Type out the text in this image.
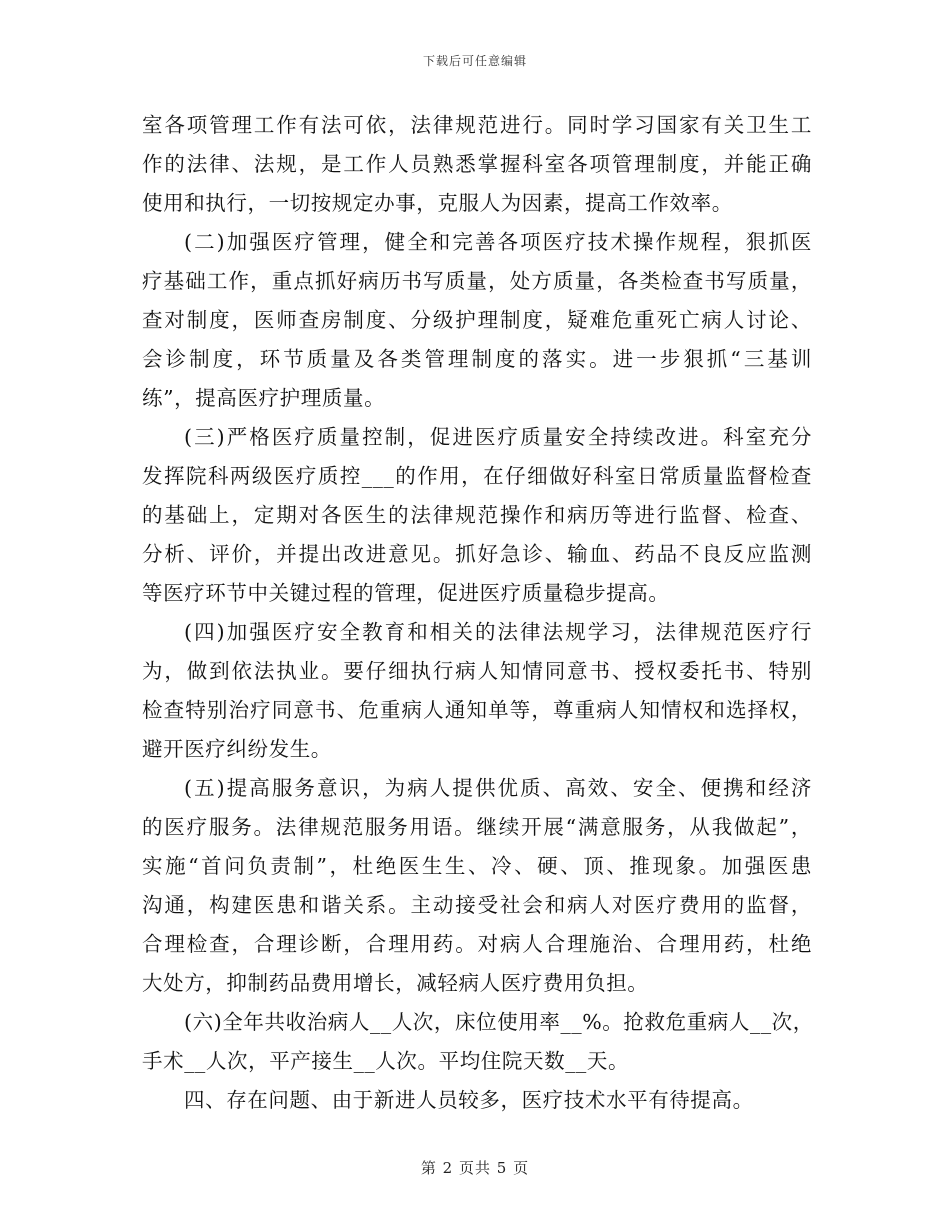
下载后可任意编辑

室各项管理工作有法可依，法律规范进行。同时学习国家有关卫生工

作的法律、法规，是工作人员熟悉掌握科室各项管理制度，并能正确

使用和执行，一切按规定办事，克服人为因素，提高工作效率。

(二)加强医疗管理，健全和完善各项医疗技术操作规程，狠抓医

疗基础工作，重点抓好病历书写质量，处方质量，各类检查书写质量，

查对制度，医师查房制度、分级护理制度，疑难危重死亡病人讨论、

会诊制度，环节质量及各类管理制度的落实。进一步狠抓“三基训

练”，提高医疗护理质量。

(三)严格医疗质量控制，促进医疗质量安全持续改进。科室充分

发挥院科两级医疗质控___的作用，在仔细做好科室日常质量监督检查

的基础上，定期对各医生的法律规范操作和病历等进行监督、检查、

分析、评价，并提出改进意见。抓好急诊、输血、药品不良反应监测

等医疗环节中关键过程的管理，促进医疗质量稳步提高。

(四)加强医疗安全教育和相关的法律法规学习，法律规范医疗行

为，做到依法执业。要仔细执行病人知情同意书、授权委托书、特别

检查特别治疗同意书、危重病人通知单等，尊重病人知情权和选择权，

避开医疗纠纷发生。

(五)提高服务意识，为病人提供优质、高效、安全、便携和经济

的医疗服务。法律规范服务用语。继续开展“满意服务，从我做起”，

实施“首问负责制”，杜绝医生生、冷、硬、顶、推现象。加强医患

沟通，构建医患和谐关系。主动接受社会和病人对医疗费用的监督，

合理检查，合理诊断，合理用药。对病人合理施治、合理用药，杜绝

大处方，抑制药品费用增长，减轻病人医疗费用负担。

(六)全年共收治病人__人次，床位使用率__%。抢救危重病人__次，

手术__人次，平产接生__人次。平均住院天数__天。

四、存在问题、由于新进人员较多，医疗技术水平有待提高。

第 2 页共 5 页
